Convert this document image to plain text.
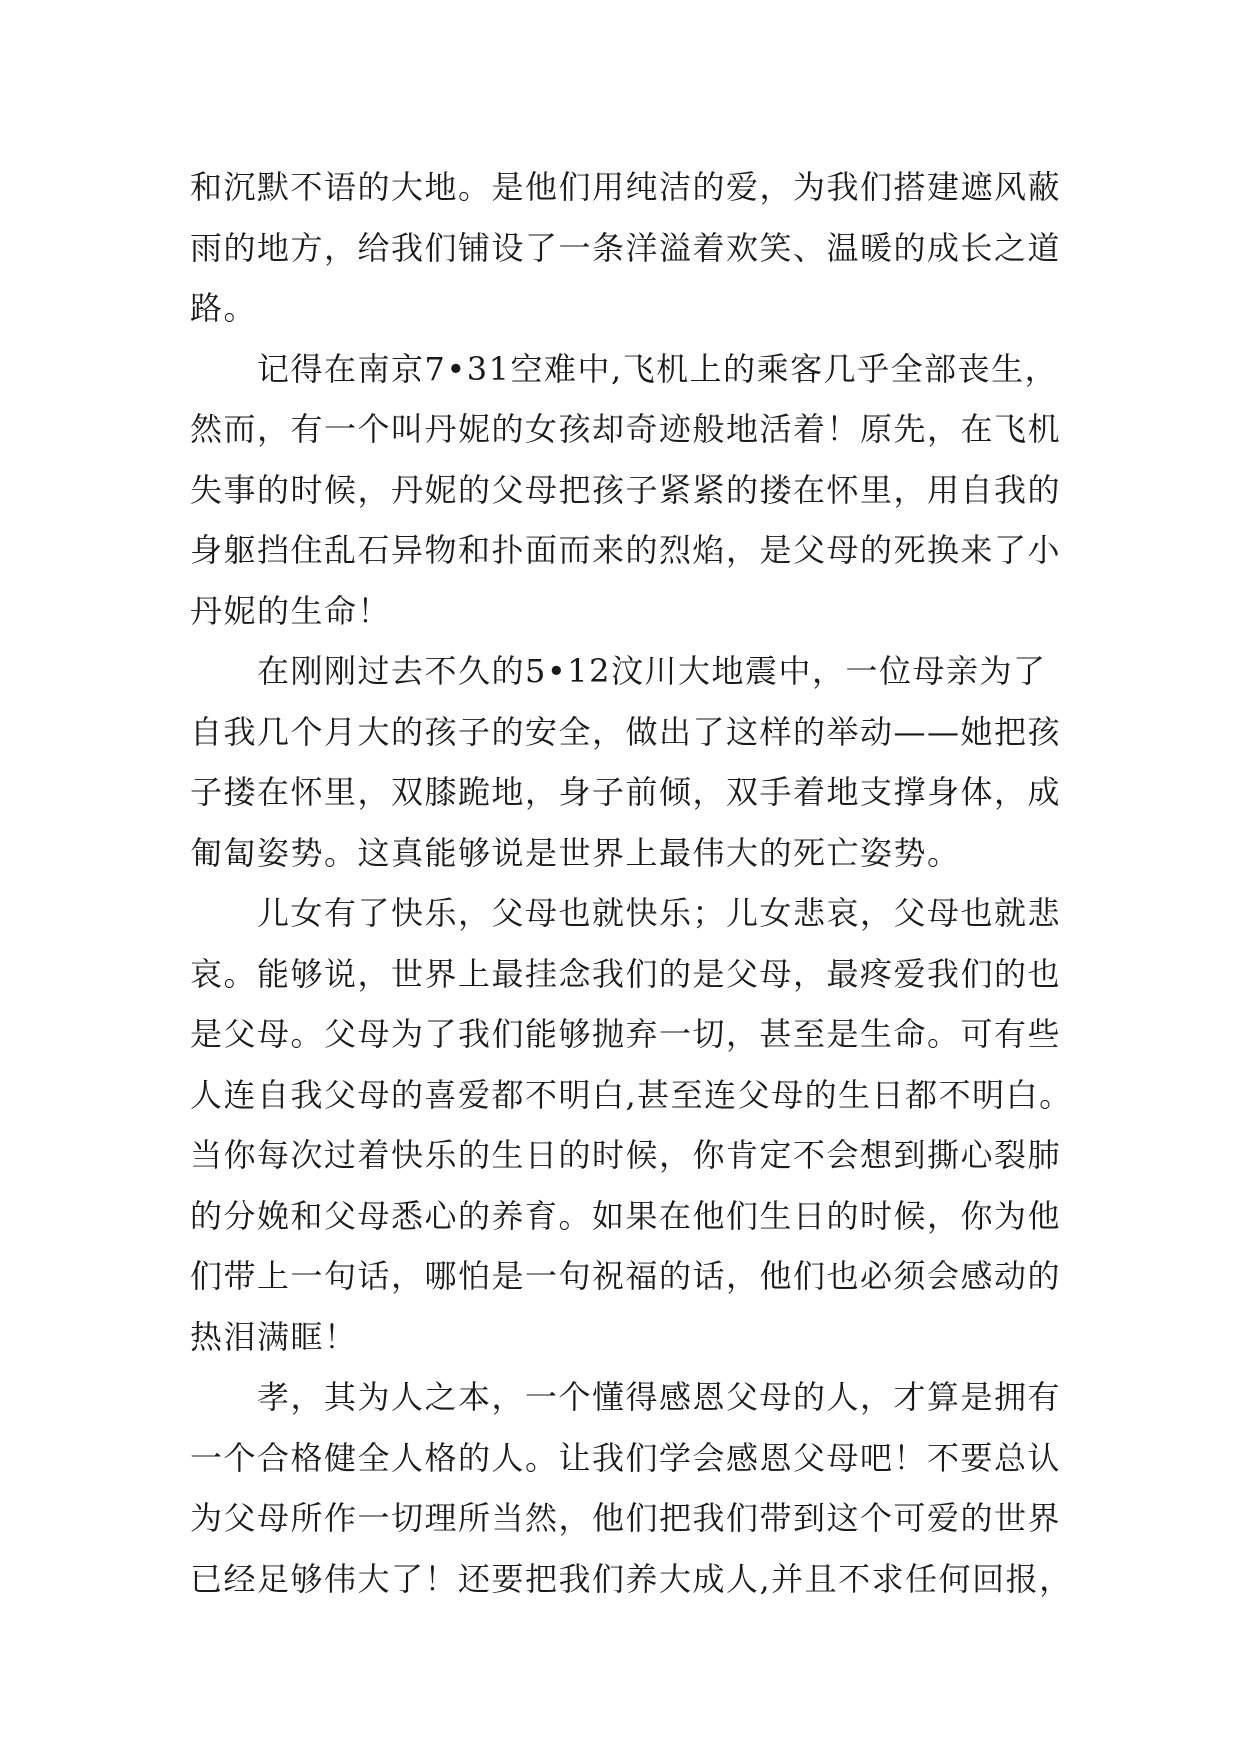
和沉默不语的大地。是他们用纯洁的爱，为我们搭建遮风蔽
雨的地方，给我们铺设了一条洋溢着欢笑、温暖的成长之道
路。
　　记得在南京7•31空难中,飞机上的乘客几乎全部丧生，
然而，有一个叫丹妮的女孩却奇迹般地活着！原先，在飞机
失事的时候，丹妮的父母把孩子紧紧的搂在怀里，用自我的
身躯挡住乱石异物和扑面而来的烈焰，是父母的死换来了小
丹妮的生命！
　　在刚刚过去不久的5•12汶川大地震中，一位母亲为了
自我几个月大的孩子的安全，做出了这样的举动——她把孩
子搂在怀里，双膝跪地，身子前倾，双手着地支撑身体，成
匍匐姿势。这真能够说是世界上最伟大的死亡姿势。
　　儿女有了快乐，父母也就快乐；儿女悲哀，父母也就悲
哀。能够说，世界上最挂念我们的是父母，最疼爱我们的也
是父母。父母为了我们能够抛弃一切，甚至是生命。可有些
人连自我父母的喜爱都不明白,甚至连父母的生日都不明白。
当你每次过着快乐的生日的时候，你肯定不会想到撕心裂肺
的分娩和父母悉心的养育。如果在他们生日的时候，你为他
们带上一句话，哪怕是一句祝福的话，他们也必须会感动的
热泪满眶！
　　孝，其为人之本，一个懂得感恩父母的人，才算是拥有
一个合格健全人格的人。让我们学会感恩父母吧！不要总认
为父母所作一切理所当然，他们把我们带到这个可爱的世界
已经足够伟大了！还要把我们养大成人,并且不求任何回报，
